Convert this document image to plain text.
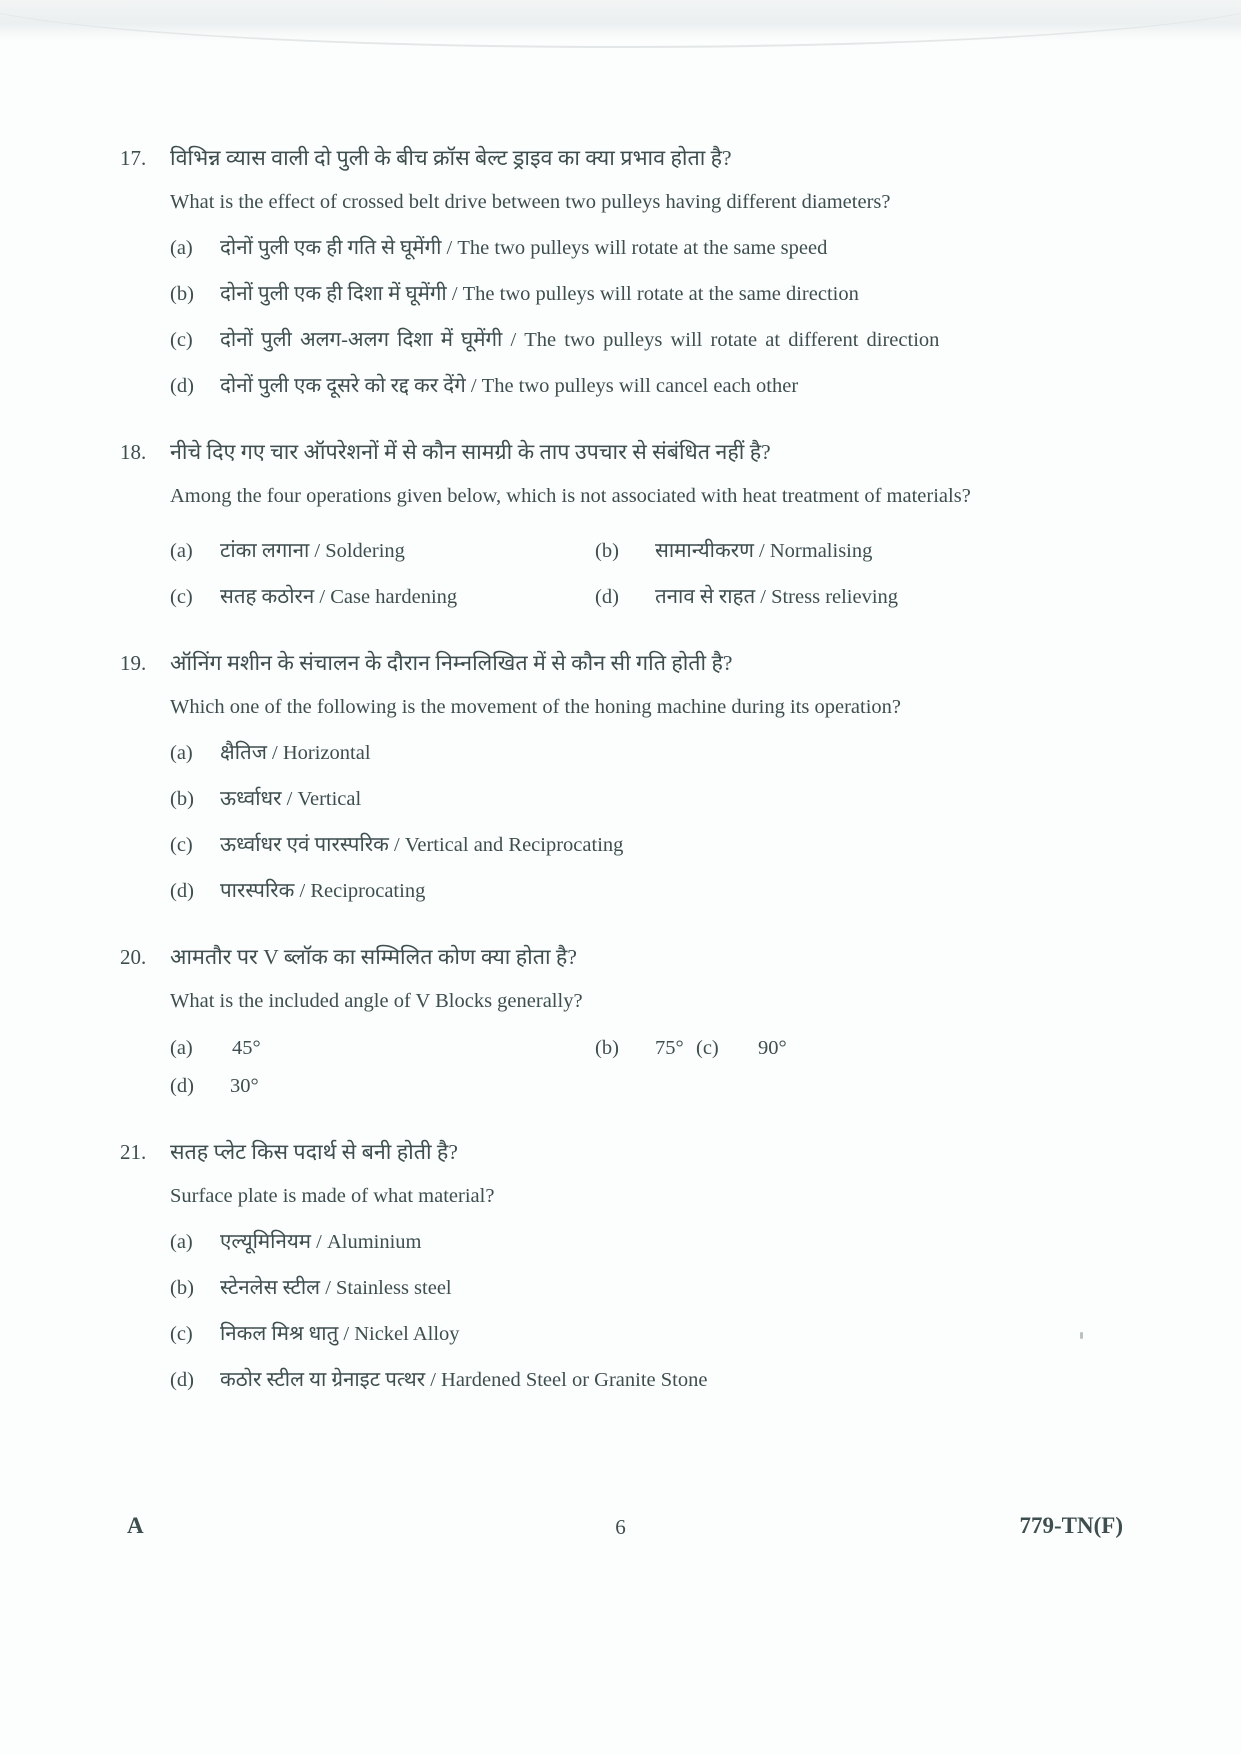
17.	विभिन्न व्यास वाली दो पुली के बीच क्रॉस बेल्ट ड्राइव का क्या प्रभाव होता है?
What is the effect of crossed belt drive between two pulleys having different diameters?
(a)	दोनों पुली एक ही गति से घूमेंगी / The two pulleys will rotate at the same speed
(b)	दोनों पुली एक ही दिशा में घूमेंगी / The two pulleys will rotate at the same direction
(c)	दोनों पुली अलग-अलग दिशा में घूमेंगी / The two pulleys will rotate at different direction
(d)	दोनों पुली एक दूसरे को रद्द कर देंगे / The two pulleys will cancel each other
18.	नीचे दिए गए चार ऑपरेशनों में से कौन सामग्री के ताप उपचार से संबंधित नहीं है?
Among the four operations given below, which is not associated with heat treatment of materials?
(a)	टांका लगाना / Soldering	(b)	सामान्यीकरण / Normalising
(c)	सतह कठोरन / Case hardening	(d)	तनाव से राहत / Stress relieving
19.	ऑनिंग मशीन के संचालन के दौरान निम्नलिखित में से कौन सी गति होती है?
Which one of the following is the movement of the honing machine during its operation?
(a)	क्षैतिज / Horizontal
(b)	ऊर्ध्वाधर / Vertical
(c)	ऊर्ध्वाधर एवं पारस्परिक / Vertical and Reciprocating
(d)	पारस्परिक / Reciprocating
20.	आमतौर पर V ब्लॉक का सम्मिलित कोण क्या होता है?
What is the included angle of V Blocks generally?
(a)	45°	(b)	75° (c)	90°
(d)	30°
21.	सतह प्लेट किस पदार्थ से बनी होती है?
Surface plate is made of what material?
(a)	एल्यूमिनियम / Aluminium
(b)	स्टेनलेस स्टील / Stainless steel
(c)	निकल मिश्र धातु / Nickel Alloy
(d)	कठोर स्टील या ग्रेनाइट पत्थर / Hardened Steel or Granite Stone
A	6	779-TN(F)
